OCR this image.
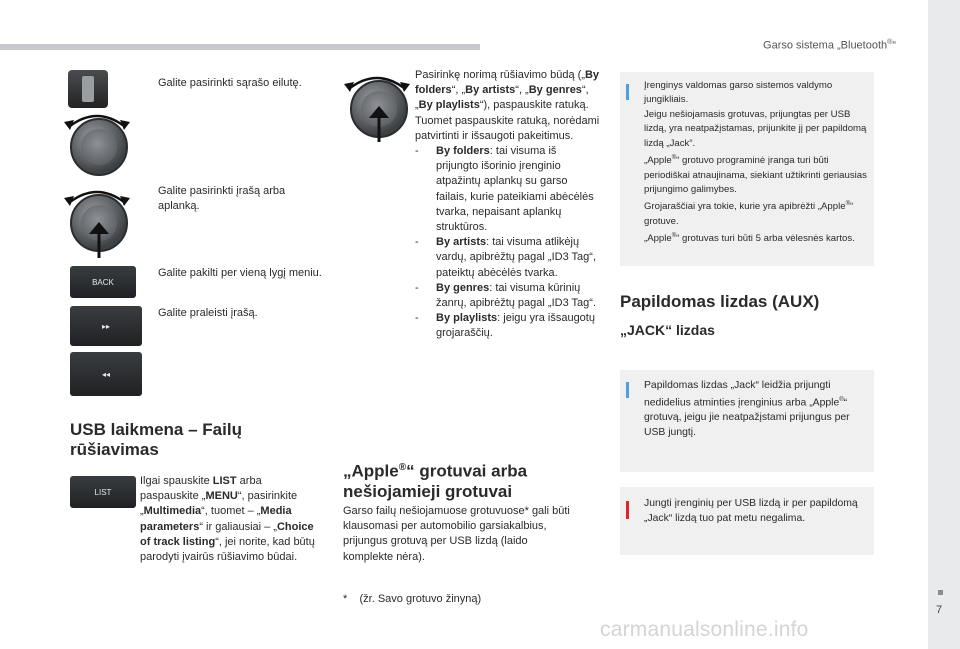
Garso sistema „Bluetooth®“
7
carmanualsonline.info
BACK
▸▸
◂◂
LIST
Galite pasirinkti sąrašo eilutę.
Galite pasirinkti įrašą arba aplanką.
Galite pakilti per vieną lygį meniu.
Galite praleisti įrašą.
USB laikmena – Failų rūšiavimas
Ilgai spauskite LIST arba paspauskite „MENU“, pasirinkite „Multimedia“, tuomet – „Media parameters“ ir galiausiai – „Choice of track listing“, jei norite, kad būtų parodyti įvairūs rūšiavimo būdai.
Pasirinkę norimą rūšiavimo būdą („By folders“, „By artists“, „By genres“, „By playlists“), paspauskite ratuką.
Tuomet paspauskite ratuką, norėdami patvirtinti ir išsaugoti pakeitimus.
- By folders: tai visuma iš prijungto išorinio įrenginio atpažintų aplankų su garso failais, kurie pateikiami abėcėlės tvarka, nepaisant aplankų struktūros.
- By artists: tai visuma atlikėjų vardų, apibrėžtų pagal „ID3 Tag“, pateiktų abėcėlės tvarka.
- By genres: tai visuma kūrinių žanrų, apibrėžtų pagal „ID3 Tag“.
- By playlists: jeigu yra išsaugotų grojaraščių.
„Apple®“ grotuvai arba nešiojamieji grotuvai
Garso failų nešiojamuose grotuvuose* gali būti klausomasi per automobilio garsiakalbius, prijungus grotuvą per USB lizdą (laido komplekte nėra).
*    (žr. Savo grotuvo žinyną)
Įrenginys valdomas garso sistemos valdymo jungikliais.
Jeigu nešiojamasis grotuvas, prijungtas per USB lizdą, yra neatpažįstamas, prijunkite jį per papildomą lizdą „Jack“.
„Apple®“ grotuvo programinė įranga turi būti periodiškai atnaujinama, siekiant užtikrinti geriausias prijungimo galimybes.
Grojaraščiai yra tokie, kurie yra apibrėžti „Apple®“ grotuve.
„Apple®“ grotuvas turi būti 5 arba vėlesnės kartos.
Papildomas lizdas (AUX)
„JACK“ lizdas
Papildomas lizdas „Jack“ leidžia prijungti nedidelius atminties įrenginius arba „Apple®“ grotuvą, jeigu jie neatpažįstami prijungus per USB jungtį.
Jungti įrenginių per USB lizdą ir per papildomą „Jack“ lizdą tuo pat metu negalima.
